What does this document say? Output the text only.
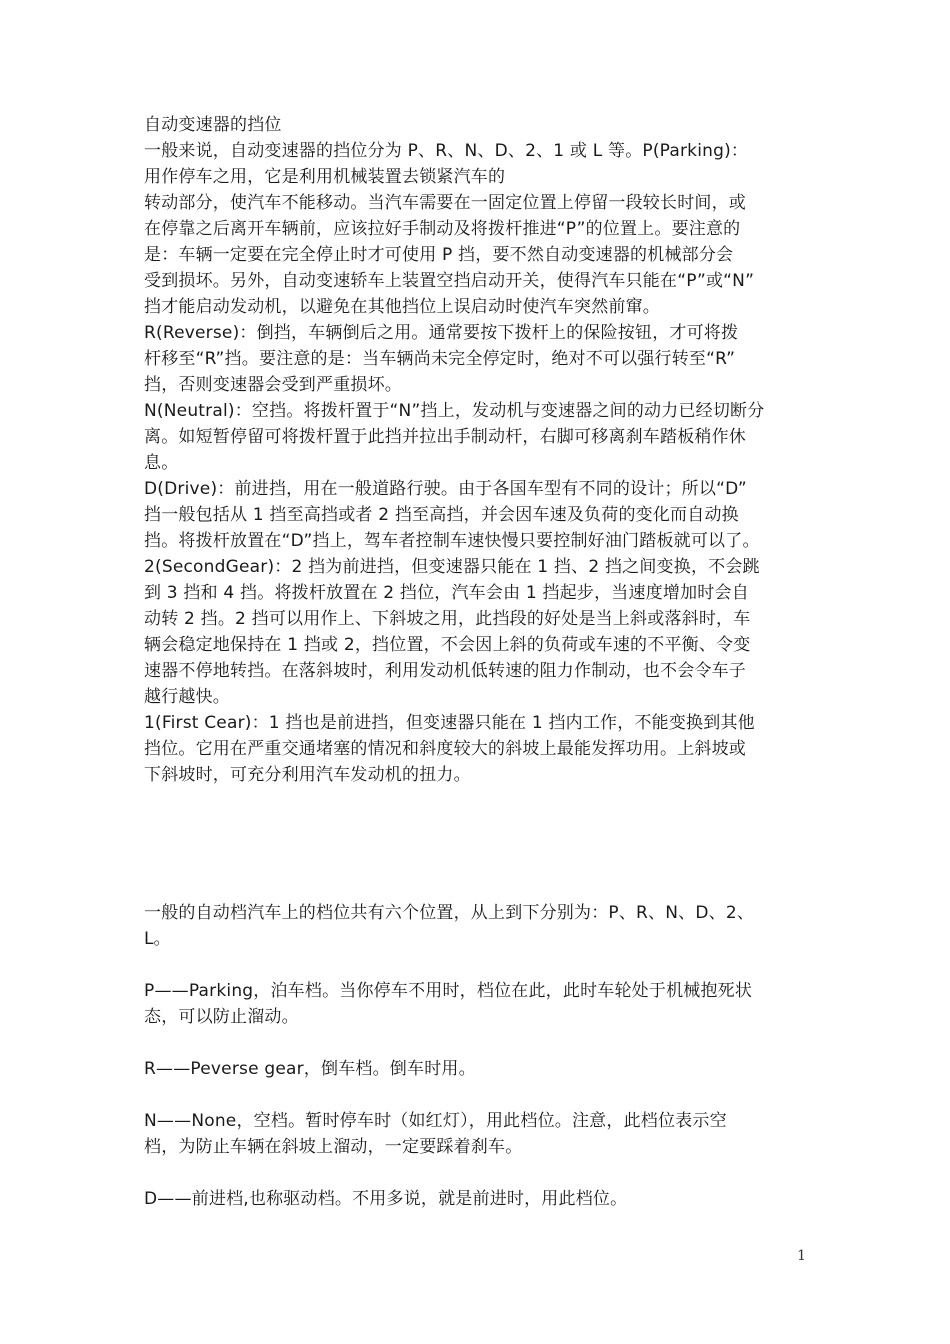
自动变速器的挡位
一般来说，自动变速器的挡位分为 P、R、N、D、2、1 或 L 等。P(Parking)：
用作停车之用，它是利用机械装置去锁紧汽车的
转动部分，使汽车不能移动。当汽车需要在一固定位置上停留一段较长时间，或
在停靠之后离开车辆前，应该拉好手制动及将拨杆推进“P”的位置上。要注意的
是：车辆一定要在完全停止时才可使用 P 挡，要不然自动变速器的机械部分会
受到损坏。另外，自动变速轿车上装置空挡启动开关，使得汽车只能在“P”或“N”
挡才能启动发动机，以避免在其他挡位上误启动时使汽车突然前窜。
R(Reverse)：倒挡，车辆倒后之用。通常要按下拨杆上的保险按钮，才可将拨
杆移至“R”挡。要注意的是：当车辆尚未完全停定时，绝对不可以强行转至“R”
挡，否则变速器会受到严重损坏。
N(Neutral)：空挡。将拨杆置于“N”挡上，发动机与变速器之间的动力已经切断分
离。如短暂停留可将拨杆置于此挡并拉出手制动杆，右脚可移离刹车踏板稍作休
息。
D(Drive)：前进挡，用在一般道路行驶。由于各国车型有不同的设计；所以“D”
挡一般包括从 1 挡至高挡或者 2 挡至高挡，并会因车速及负荷的变化而自动换
挡。将拨杆放置在“D”挡上，驾车者控制车速快慢只要控制好油门踏板就可以了。
2(SecondGear)：2 挡为前进挡，但变速器只能在 1 挡、2 挡之间变换，不会跳
到 3 挡和 4 挡。将拨杆放置在 2 挡位，汽车会由 1 挡起步，当速度增加时会自
动转 2 挡。2 挡可以用作上、下斜坡之用，此挡段的好处是当上斜或落斜时，车
辆会稳定地保持在 1 挡或 2，挡位置，不会因上斜的负荷或车速的不平衡、令变
速器不停地转挡。在落斜坡时，利用发动机低转速的阻力作制动，也不会令车子
越行越快。
1(First Cear)：1 挡也是前进挡，但变速器只能在 1 挡内工作，不能变换到其他
挡位。它用在严重交通堵塞的情况和斜度较大的斜坡上最能发挥功用。上斜坡或
下斜坡时，可充分利用汽车发动机的扭力。
一般的自动档汽车上的档位共有六个位置，从上到下分别为：P、R、N、D、2、
L。
P——Parking，泊车档。当你停车不用时，档位在此，此时车轮处于机械抱死状
态，可以防止溜动。
R——Peverse gear，倒车档。倒车时用。
N——None，空档。暂时停车时（如红灯），用此档位。注意，此档位表示空
档，为防止车辆在斜坡上溜动，一定要踩着刹车。
D——前进档,也称驱动档。不用多说，就是前进时，用此档位。
1
